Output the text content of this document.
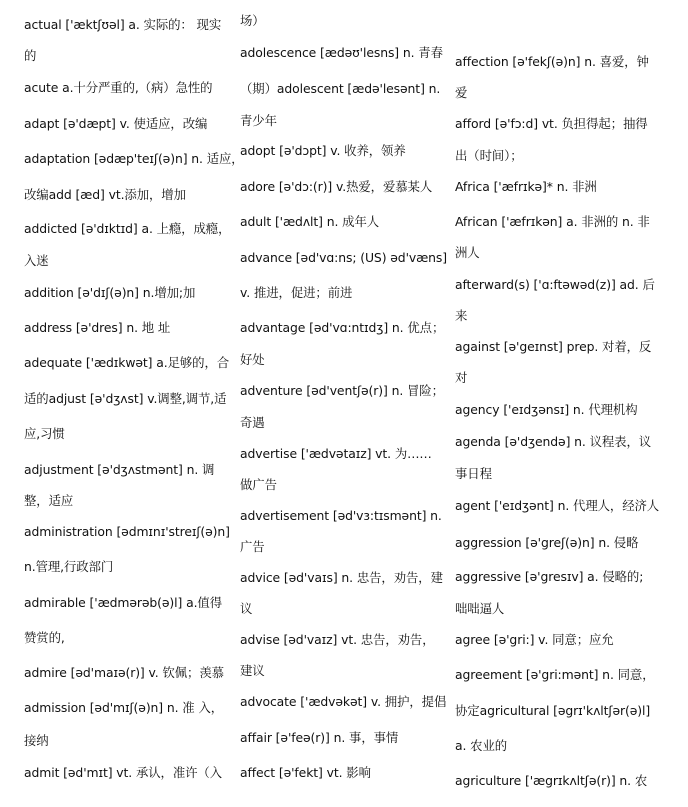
actual ['æktʃʊəl] a. 实际的： 现实
的
acute a.十分严重的,（病）急性的
adapt [ə'dæpt] v. 使适应，改编
adaptation [ədæp'teɪʃ(ə)n] n. 适应，
改编add [æd] vt.添加，增加
addicted [ə'dɪktɪd] a. 上瘾，成瘾，
入迷
addition [ə'dɪʃ(ə)n] n.增加;加
address [ə'dres] n. 地 址
adequate ['ædɪkwət] a.足够的，合
适的adjust [ə'dʒʌst] v.调整,调节,适
应,习惯
adjustment [ə'dʒʌstmənt] n. 调
整，适应
administration [ədmɪnɪ'streɪʃ(ə)n]
n.管理,行政部门
admirable ['ædmərəb(ə)l] a.值得
赞赏的,
admire [əd'maɪə(r)] v. 钦佩；羡慕
admission [əd'mɪʃ(ə)n] n. 准 入，
接纳
admit [əd'mɪt] vt. 承认，准许（入
场）
adolescence [ædəʊ'lesns] n. 青春
（期）adolescent [ædə'lesənt] n.
青少年
adopt [ə'dɔpt] v. 收养，领养
adore [ə'dɔ:(r)] v.热爱，爱慕某人
adult ['ædʌlt] n. 成年人
advance [əd'vɑ:ns; (US) əd'væns]
v. 推进，促进；前进
advantage [əd'vɑ:ntɪdʒ] n. 优点；
好处
adventure [əd'ventʃə(r)] n. 冒险；
奇遇
advertise ['ædvətaɪz] vt. 为……
做广告
advertisement [əd'vɜ:tɪsmənt] n.
广告
advice [əd'vaɪs] n. 忠告，劝告，建
议
advise [əd'vaɪz] vt. 忠告，劝告，
建议
advocate ['ædvəkət] v. 拥护，提倡
affair [ə'feə(r)] n. 事，事情
affect [ə'fekt] vt. 影响
affection [ə'fekʃ(ə)n] n. 喜爱，钟
爱
afford [ə'fɔ:d] vt. 负担得起；抽得
出（时间）；
Africa ['æfrɪkə]* n. 非洲
African ['æfrɪkən] a. 非洲的 n. 非
洲人
afterward(s) ['ɑ:ftəwəd(z)] ad. 后
来
against [ə'geɪnst] prep. 对着，反
对
agency ['eɪdʒənsɪ] n. 代理机构
agenda [ə'dʒendə] n. 议程表，议
事日程
agent ['eɪdʒənt] n. 代理人，经济人
aggression [ə'greʃ(ə)n] n. 侵略
aggressive [ə'gresɪv] a. 侵略的;
咄咄逼人
agree [ə'gri:] v. 同意；应允
agreement [ə'gri:mənt] n. 同意，
协定agricultural [əgrɪ'kʌltʃər(ə)l]
a. 农业的
agriculture ['ægrɪkʌltʃə(r)] n. 农
